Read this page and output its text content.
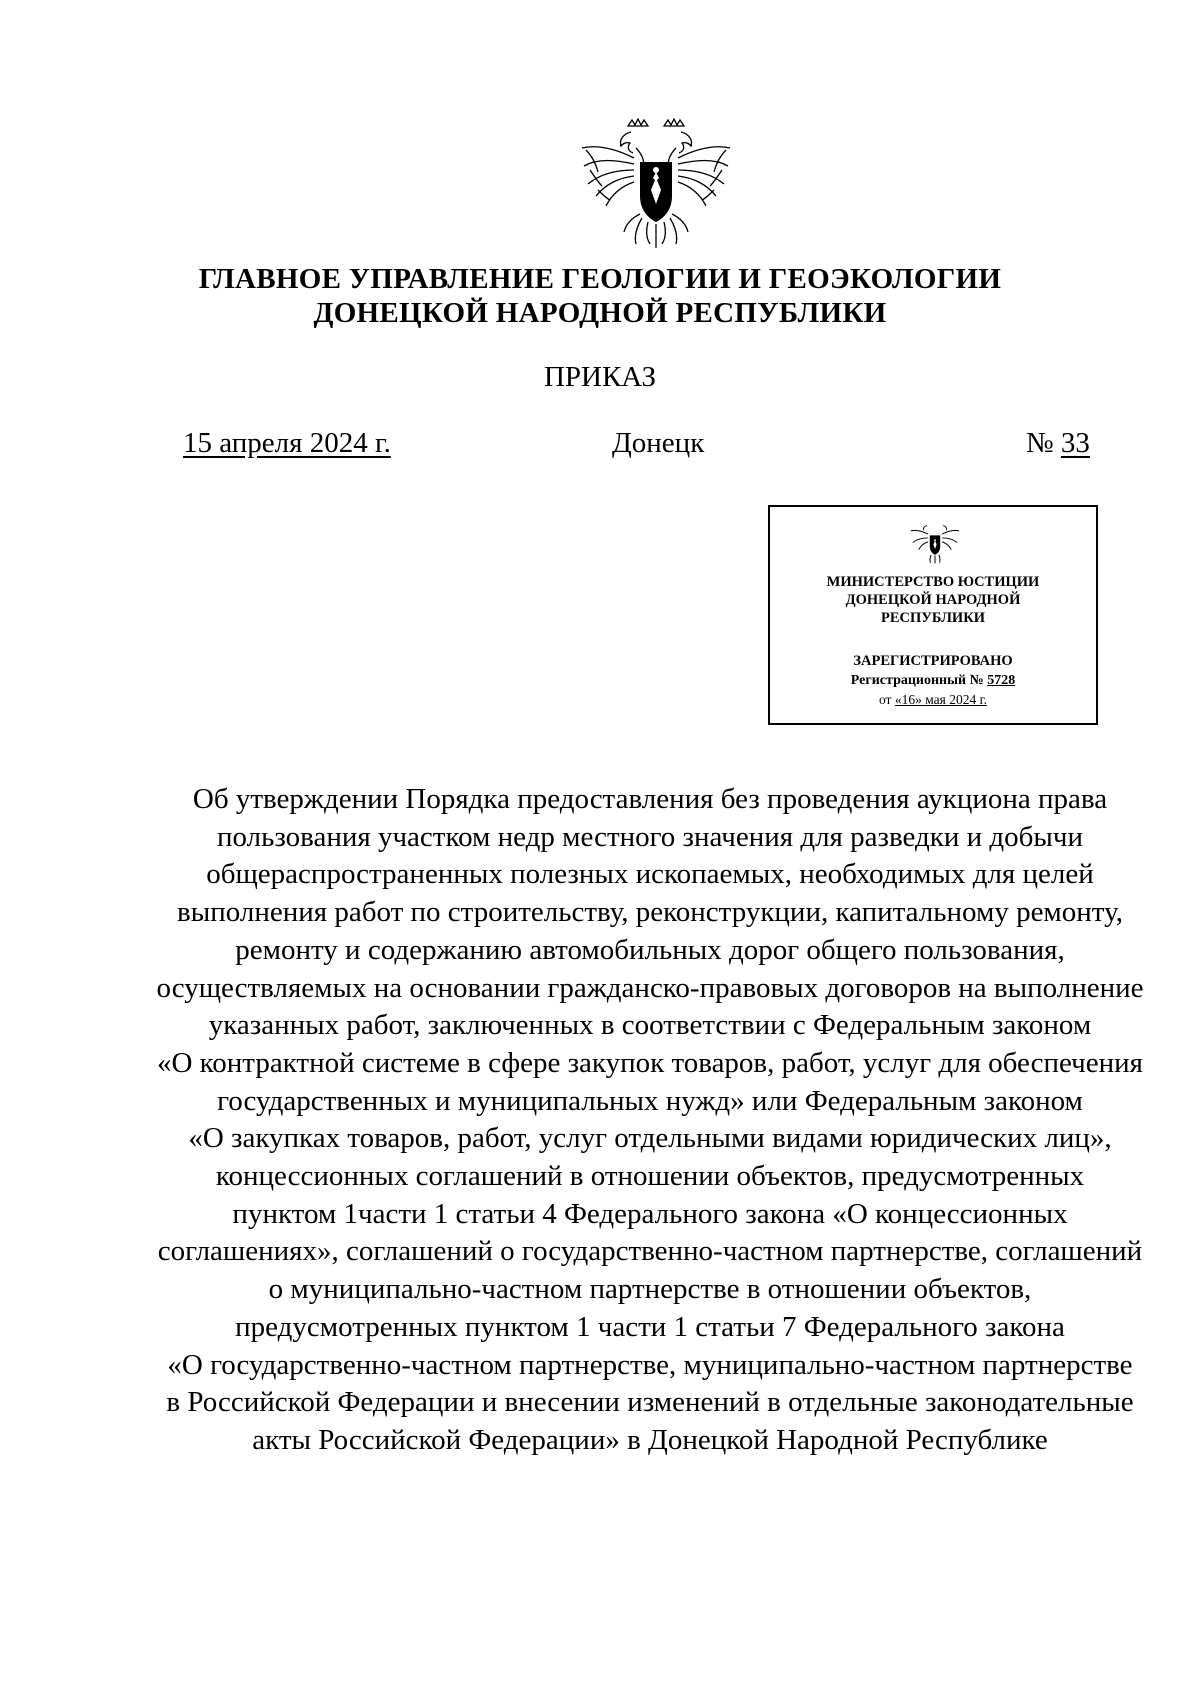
ГЛАВНОЕ УПРАВЛЕНИЕ ГЕОЛОГИИ И ГЕОЭКОЛОГИИ
ДОНЕЦКОЙ НАРОДНОЙ РЕСПУБЛИКИ
ПРИКАЗ
15 апреля 2024 г.	Донецк	№ 33
МИНИСТЕРСТВО ЮСТИЦИИ
ДОНЕЦКОЙ НАРОДНОЙ
РЕСПУБЛИКИ
ЗАРЕГИСТРИРОВАНО
Регистрационный № 5728
от «16» мая 2024 г.
Об утверждении Порядка предоставления без проведения аукциона права
пользования участком недр местного значения для разведки и добычи
общераспространенных полезных ископаемых, необходимых для целей
выполнения работ по строительству, реконструкции, капитальному ремонту,
ремонту и содержанию автомобильных дорог общего пользования,
осуществляемых на основании гражданско-правовых договоров на выполнение
указанных работ, заключенных в соответствии с Федеральным законом
«О контрактной системе в сфере закупок товаров, работ, услуг для обеспечения
государственных и муниципальных нужд» или Федеральным законом
«О закупках товаров, работ, услуг отдельными видами юридических лиц»,
концессионных соглашений в отношении объектов, предусмотренных
пунктом 1части 1 статьи 4 Федерального закона «О концессионных
соглашениях», соглашений о государственно-частном партнерстве, соглашений
о муниципально-частном партнерстве в отношении объектов,
предусмотренных пунктом 1 части 1 статьи 7 Федерального закона
«О государственно-частном партнерстве, муниципально-частном партнерстве
в Российской Федерации и внесении изменений в отдельные законодательные
акты Российской Федерации» в Донецкой Народной Республике
